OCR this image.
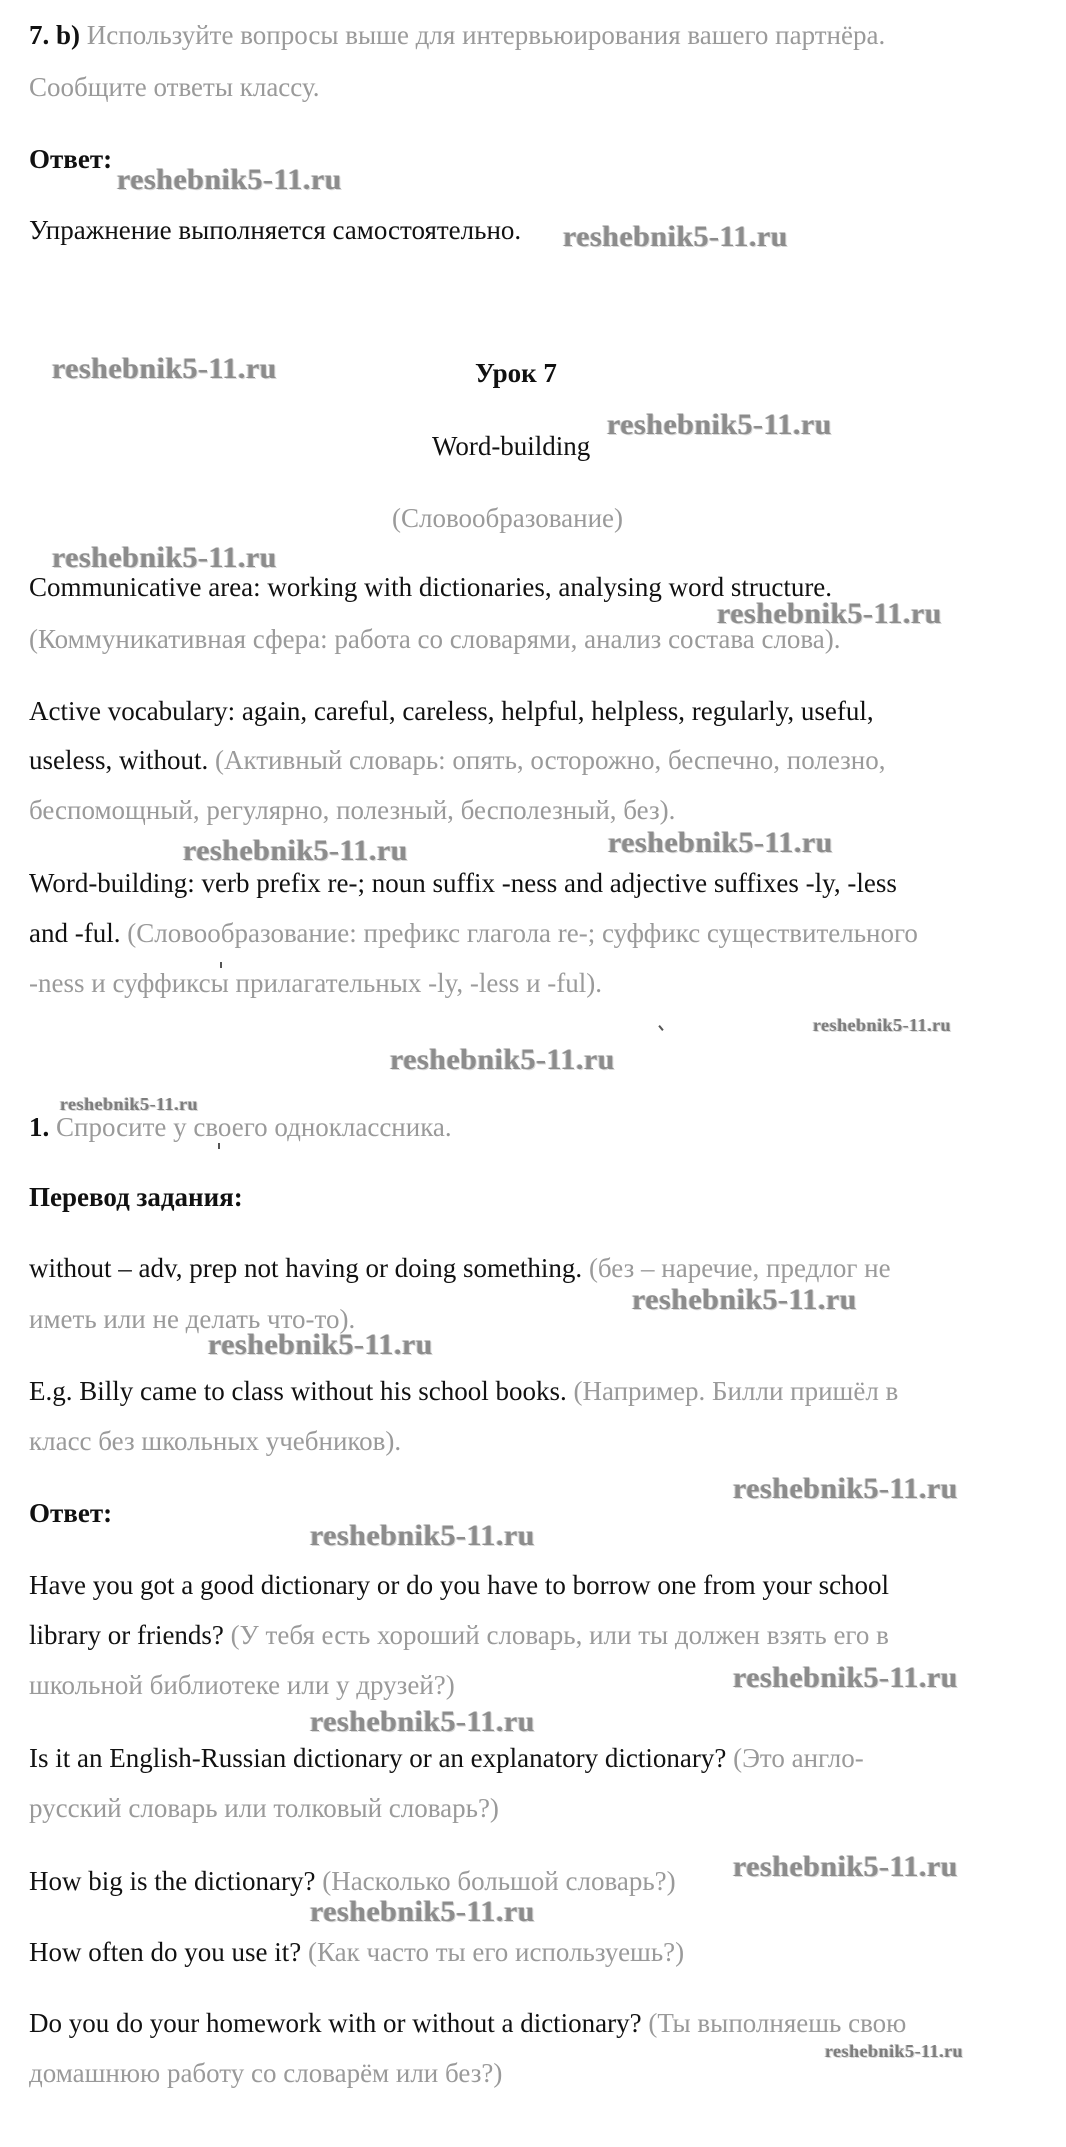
7. b) Используйте вопросы выше для интервьюирования вашего партнёра.
Сообщите ответы классу.
Ответ:
Упражнение выполняется самостоятельно.
Урок 7
Word-building
(Словообразование)
Communicative area: working with dictionaries, analysing word structure.
(Коммуникативная сфера: работа со словарями, анализ состава слова).
Active vocabulary: again, careful, careless, helpful, helpless, regularly, useful,
useless, without. (Активный словарь: опять, осторожно, беспечно, полезно,
беспомощный, регулярно, полезный, бесполезный, без).
Word-building: verb prefix re-; noun suffix -ness and adjective suffixes -ly, -less
and -ful. (Словообразование: префикс глагола re-; суффикс существительного
-ness и суффиксы прилагательных -ly, -less и -ful).
1. Спросите у своего одноклассника.
Перевод задания:
without – adv, prep not having or doing something. (без – наречие, предлог не
иметь или не делать что-то).
E.g. Billy came to class without his school books. (Например. Билли пришёл в
класс без школьных учебников).
Ответ:
Have you got a good dictionary or do you have to borrow one from your school
library or friends? (У тебя есть хороший словарь, или ты должен взять его в
школьной библиотеке или у друзей?)
Is it an English-Russian dictionary or an explanatory dictionary? (Это англо-
русский словарь или толковый словарь?)
How big is the dictionary? (Насколько большой словарь?)
How often do you use it? (Как часто ты его используешь?)
Do you do your homework with or without a dictionary? (Ты выполняешь свою
домашнюю работу со словарём или без?)
reshebnik5-11.ru
reshebnik5-11.ru
reshebnik5-11.ru
reshebnik5-11.ru
reshebnik5-11.ru
reshebnik5-11.ru
reshebnik5-11.ru	reshebnik5-11.ru
reshebnik5-11.ru
reshebnik5-11.ru
reshebnik5-11.ru
reshebnik5-11.ru
reshebnik5-11.ru
reshebnik5-11.ru
reshebnik5-11.ru
reshebnik5-11.ru
reshebnik5-11.ru
reshebnik5-11.ru
reshebnik5-11.ru
reshebnik5-11.ru
